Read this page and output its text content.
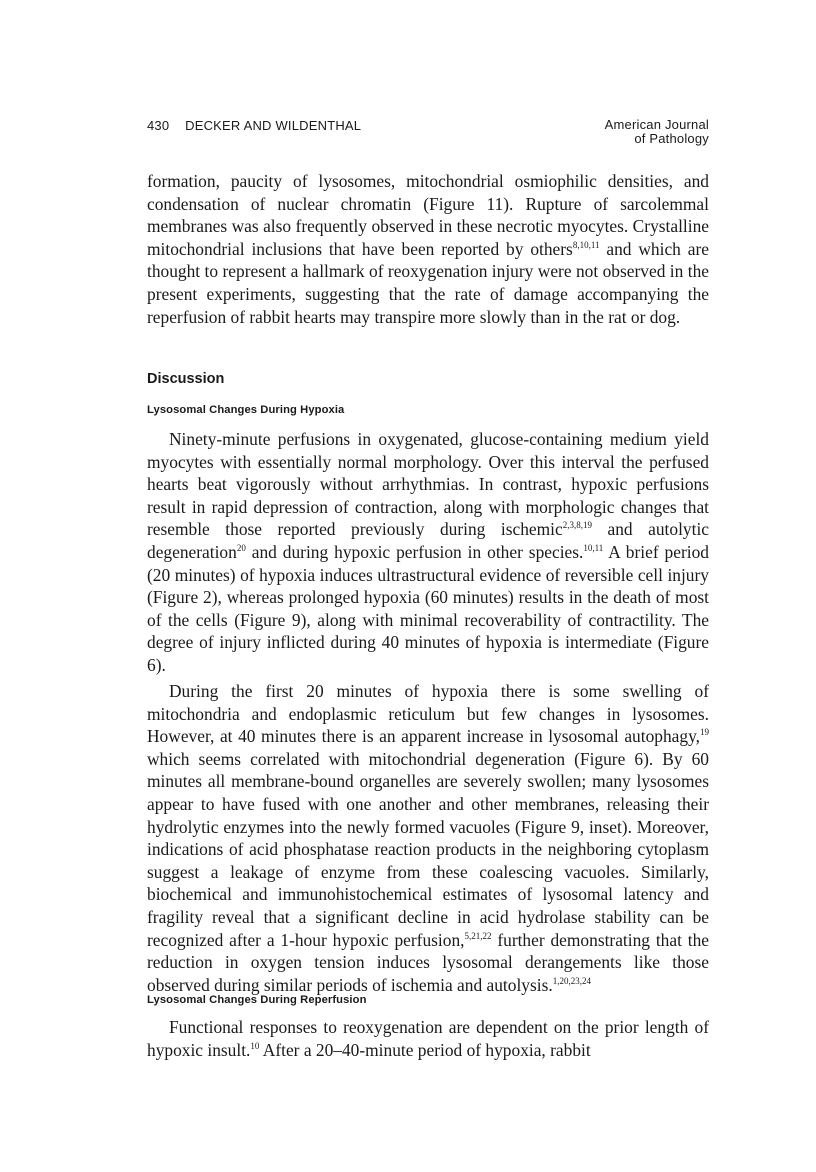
430 DECKER AND WILDENTHAL	American Journal
of Pathology
formation, paucity of lysosomes, mitochondrial osmiophilic densities, and condensation of nuclear chromatin (Figure 11). Rupture of sarcolemmal membranes was also frequently observed in these necrotic myocytes. Crystalline mitochondrial inclusions that have been reported by others$^{8,10,11}$ and which are thought to represent a hallmark of reoxygenation injury were not observed in the present experiments, suggesting that the rate of damage accompanying the reperfusion of rabbit hearts may transpire more slowly than in the rat or dog.
Discussion
Lysosomal Changes During Hypoxia
Ninety-minute perfusions in oxygenated, glucose-containing medium yield myocytes with essentially normal morphology. Over this interval the perfused hearts beat vigorously without arrhythmias. In contrast, hypoxic perfusions result in rapid depression of contraction, along with morphologic changes that resemble those reported previously during ischemic$^{2,3,8,19}$ and autolytic degeneration$^{20}$ and during hypoxic perfusion in other species.$^{10,11}$ A brief period (20 minutes) of hypoxia induces ultrastructural evidence of reversible cell injury (Figure 2), whereas prolonged hypoxia (60 minutes) results in the death of most of the cells (Figure 9), along with minimal recoverability of contractility. The degree of injury inflicted during 40 minutes of hypoxia is intermediate (Figure 6).
During the first 20 minutes of hypoxia there is some swelling of mitochondria and endoplasmic reticulum but few changes in lysosomes. However, at 40 minutes there is an apparent increase in lysosomal autophagy,$^{19}$ which seems correlated with mitochondrial degeneration (Figure 6). By 60 minutes all membrane-bound organelles are severely swollen; many lysosomes appear to have fused with one another and other membranes, releasing their hydrolytic enzymes into the newly formed vacuoles (Figure 9, inset). Moreover, indications of acid phosphatase reaction products in the neighboring cytoplasm suggest a leakage of enzyme from these coalescing vacuoles. Similarly, biochemical and immunohistochemical estimates of lysosomal latency and fragility reveal that a significant decline in acid hydrolase stability can be recognized after a 1-hour hypoxic perfusion,$^{5,21,22}$ further demonstrating that the reduction in oxygen tension induces lysosomal derangements like those observed during similar periods of ischemia and autolysis.$^{1,20,23,24}$
Lysosomal Changes During Reperfusion
Functional responses to reoxygenation are dependent on the prior length of hypoxic insult.$^{10}$ After a 20–40-minute period of hypoxia, rabbit
